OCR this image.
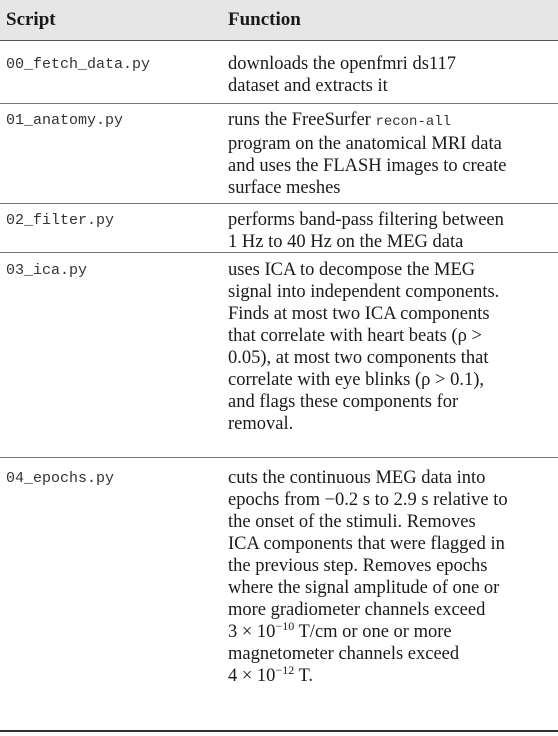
Script	Function
00_fetch_data.py	downloads the openfmri ds117
dataset and extracts it
01_anatomy.py	runs the FreeSurfer recon-all
program on the anatomical MRI data
and uses the FLASH images to create
surface meshes
02_filter.py	performs band-pass filtering between
1 Hz to 40 Hz on the MEG data
03_ica.py	uses ICA to decompose the MEG
signal into independent components.
Finds at most two ICA components
that correlate with heart beats (ρ >
0.05), at most two components that
correlate with eye blinks (ρ > 0.1),
and flags these components for
removal.
04_epochs.py	cuts the continuous MEG data into
epochs from −0.2 s to 2.9 s relative to
the onset of the stimuli. Removes
ICA components that were flagged in
the previous step. Removes epochs
where the signal amplitude of one or
more gradiometer channels exceed
$3 \times 10^{-10}$ T/cm or one or more
magnetometer channels exceed
$4 \times 10^{-12}$ T.
